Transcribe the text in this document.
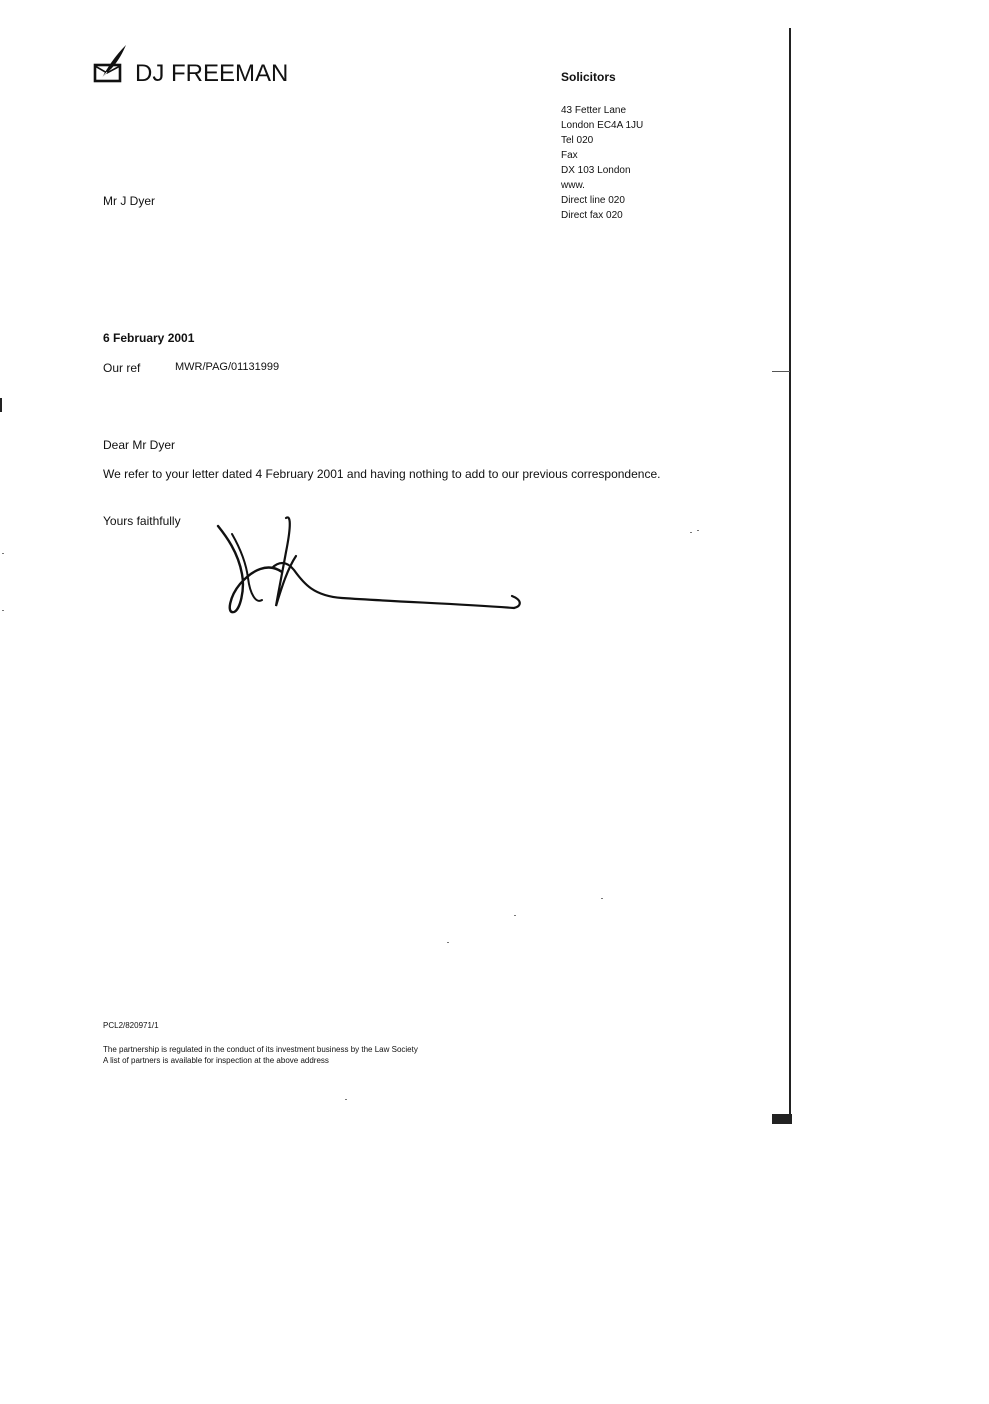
DJ FREEMAN	Solicitors
43 Fetter Lane
London EC4A 1JU
Tel 020
Fax
DX 103 London
www.
Direct line 020
Direct fax 020
Mr J Dyer
6 February 2001
Our ref	MWR/PAG/01131999
Dear Mr Dyer
We refer to your letter dated 4 February 2001 and having nothing to add to our previous correspondence.
Yours faithfully
PCL2/820971/1
The partnership is regulated in the conduct of its investment business by the Law Society
A list of partners is available for inspection at the above address
